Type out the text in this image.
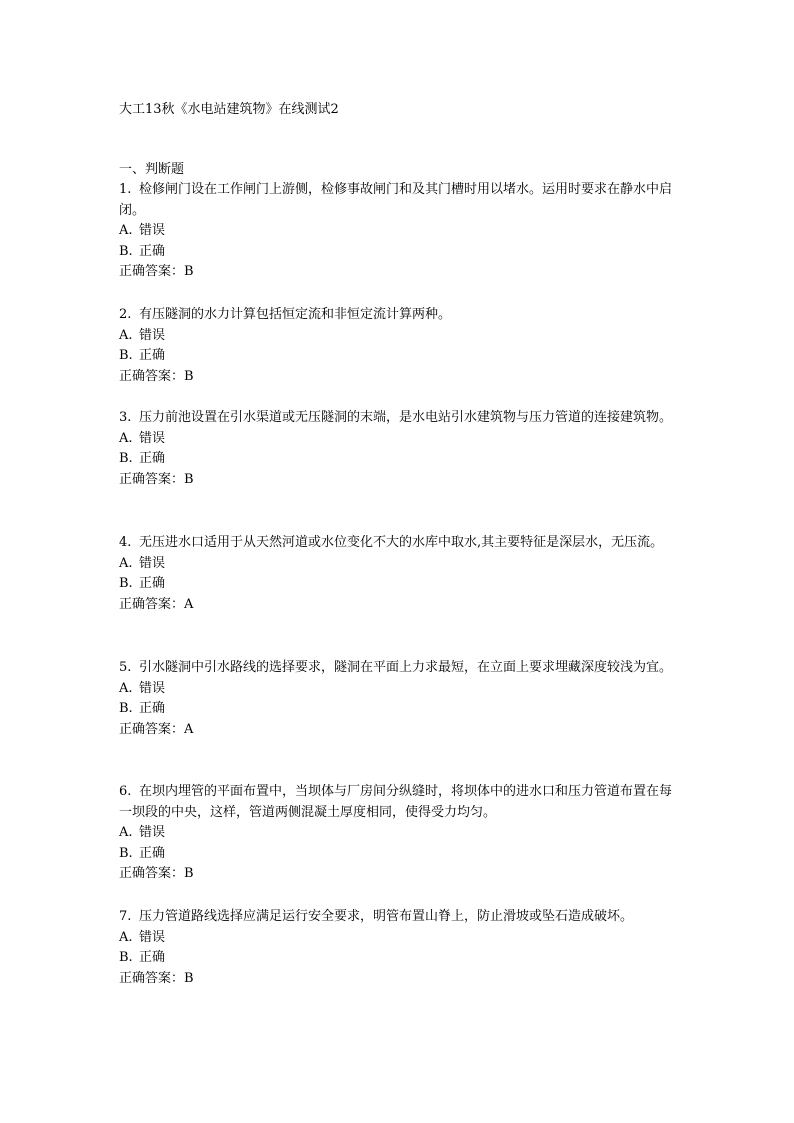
大工13秋《水电站建筑物》在线测试2
一、判断题
1. 检修闸门设在工作闸门上游侧，检修事故闸门和及其门槽时用以堵水。运用时要求在静水中启闭。
A. 错误
B. 正确
正确答案：B
2. 有压隧洞的水力计算包括恒定流和非恒定流计算两种。
A. 错误
B. 正确
正确答案：B
3. 压力前池设置在引水渠道或无压隧洞的末端，是水电站引水建筑物与压力管道的连接建筑物。
A. 错误
B. 正确
正确答案：B
4. 无压进水口适用于从天然河道或水位变化不大的水库中取水,其主要特征是深层水，无压流。
A. 错误
B. 正确
正确答案：A
5. 引水隧洞中引水路线的选择要求，隧洞在平面上力求最短，在立面上要求埋藏深度较浅为宜。
A. 错误
B. 正确
正确答案：A
6. 在坝内埋管的平面布置中，当坝体与厂房间分纵缝时，将坝体中的进水口和压力管道布置在每一坝段的中央，这样，管道两侧混凝土厚度相同，使得受力均匀。
A. 错误
B. 正确
正确答案：B
7. 压力管道路线选择应满足运行安全要求，明管布置山脊上，防止滑坡或坠石造成破坏。
A. 错误
B. 正确
正确答案：B
